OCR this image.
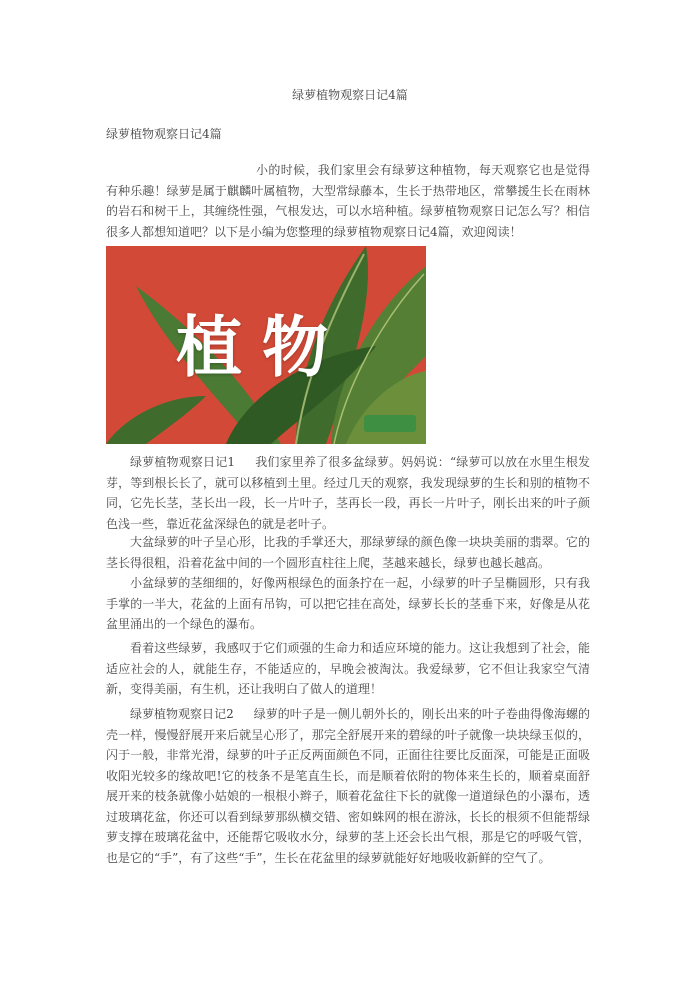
绿萝植物观察日记4篇
绿萝植物观察日记4篇

小的时候，我们家里会有绿萝这种植物，每天观察它也是觉得有种乐趣！绿萝是属于麒麟叶属植物，大型常绿藤本，生长于热带地区，常攀援生长在雨林的岩石和树干上，其缠绕性强，气根发达，可以水培种植。绿萝植物观察日记怎么写？相信很多人都想知道吧？以下是小编为您整理的绿萝植物观察日记4篇，欢迎阅读！

植物

绿萝植物观察日记1 我们家里养了很多盆绿萝。妈妈说：“绿萝可以放在水里生根发芽，等到根长长了，就可以移植到土里。经过几天的观察，我发现绿萝的生长和别的植物不同，它先长茎，茎长出一段，长一片叶子，茎再长一段，再长一片叶子，刚长出来的叶子颜色浅一些，靠近花盆深绿色的就是老叶子。

大盆绿萝的叶子呈心形，比我的手掌还大，那绿萝绿的颜色像一块块美丽的翡翠。它的茎长得很粗，沿着花盆中间的一个圆形直柱往上爬，茎越来越长，绿萝也越长越高。

小盆绿萝的茎细细的，好像两根绿色的面条拧在一起，小绿萝的叶子呈椭圆形，只有我手掌的一半大，花盆的上面有吊钩，可以把它挂在高处，绿萝长长的茎垂下来，好像是从花盆里涌出的一个绿色的瀑布。

看着这些绿萝，我感叹于它们顽强的生命力和适应环境的能力。这让我想到了社会，能适应社会的人，就能生存，不能适应的，早晚会被淘汰。我爱绿萝，它不但让我家空气清新，变得美丽，有生机，还让我明白了做人的道理！

绿萝植物观察日记2 绿萝的叶子是一侧儿朝外长的，刚长出来的叶子卷曲得像海螺的壳一样，慢慢舒展开来后就呈心形了，那完全舒展开来的碧绿的叶子就像一块块绿玉似的，闪于一般，非常光滑，绿萝的叶子正反两面颜色不同，正面往往要比反面深，可能是正面吸收阳光较多的缘故吧!它的枝条不是笔直生长，而是顺着依附的物体来生长的，顺着桌面舒展开来的枝条就像小姑娘的一根根小辫子，顺着花盆往下长的就像一道道绿色的小瀑布，透过玻璃花盆，你还可以看到绿萝那纵横交错、密如蛛网的根在游泳，长长的根须不但能帮绿萝支撑在玻璃花盆中，还能帮它吸收水分，绿萝的茎上还会长出气根，那是它的呼吸气管，也是它的“手”，有了这些“手”，生长在花盆里的绿萝就能好好地吸收新鲜的空气了。
